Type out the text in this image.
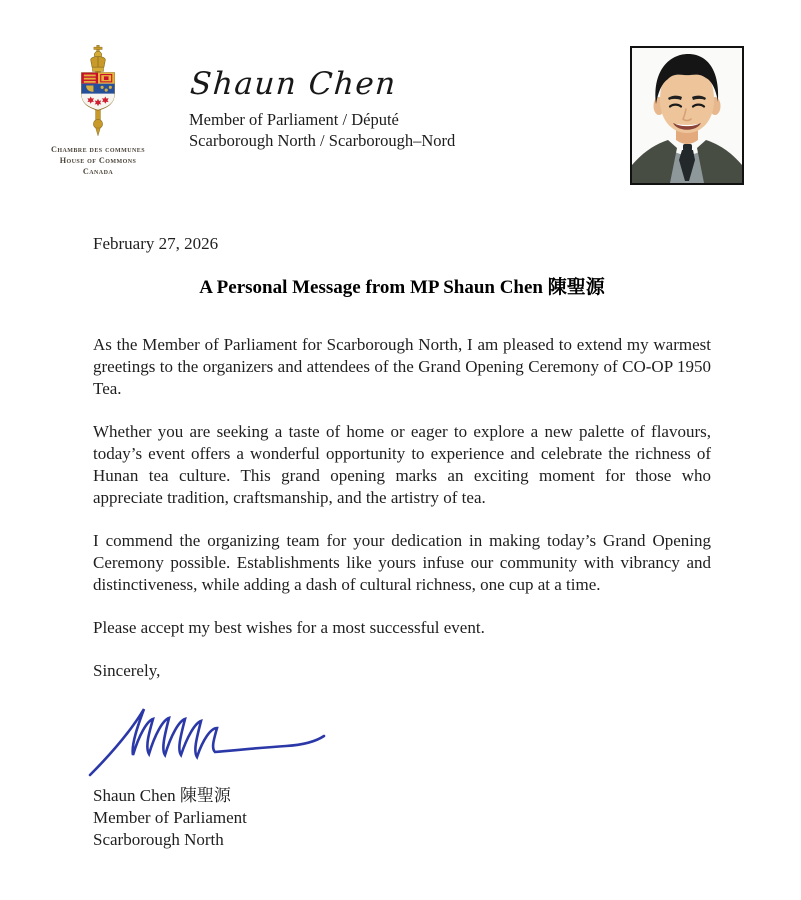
Chambre des communes
House of Commons
Canada
Shaun Chen
Member of Parliament / Député
Scarborough North / Scarborough–Nord

February 27, 2026

A Personal Message from MP Shaun Chen 陳聖源

As the Member of Parliament for Scarborough North, I am pleased to extend my warmest greetings to the organizers and attendees of the Grand Opening Ceremony of CO-OP 1950 Tea.

Whether you are seeking a taste of home or eager to explore a new palette of flavours, today’s event offers a wonderful opportunity to experience and celebrate the richness of Hunan tea culture. This grand opening marks an exciting moment for those who appreciate tradition, craftsmanship, and the artistry of tea.

I commend the organizing team for your dedication in making today’s Grand Opening Ceremony possible. Establishments like yours infuse our community with vibrancy and distinctiveness, while adding a dash of cultural richness, one cup at a time.

Please accept my best wishes for a most successful event.

Sincerely,

Shaun Chen 陳聖源

Member of Parliament

Scarborough North
